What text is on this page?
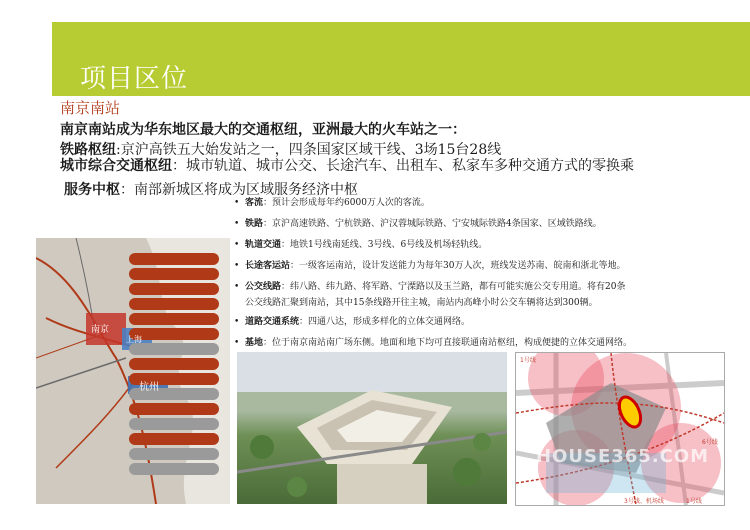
项目区位
南京南站
南京南站成为华东地区最大的交通枢纽，亚洲最大的火车站之一：
铁路枢纽:京沪高铁五大始发站之一，四条国家区域干线、3场15台28线
城市综合交通枢纽：城市轨道、城市公交、长途汽车、出租车、私家车多种交通方式的零换乘
服务中枢：南部新城区将成为区域服务经济中枢
• 客流：预计会形成每年约6000万人次的客流。
• 铁路：京沪高速铁路、宁杭铁路、沪汉蓉城际铁路、宁安城际铁路4条国家、区域铁路线。
• 轨道交通：地铁1号线南延线、3号线、6号线及机场轻轨线。
• 长途客运站：一级客运南站，设计发送能力为每年30万人次，班线发送苏南、皖南和浙北等地。
• 公交线路：纬八路、纬九路、将军路、宁溧路以及玉兰路，都有可能实施公交专用道。将有20条
公交线路汇聚到南站，其中15条线路开往主城，南站内高峰小时公交车辆将达到300辆。
• 道路交通系统：四通八达，形成多样化的立体交通网络。
• 基地：位于南京南站南广场东侧。地面和地下均可直接联通南站枢纽，构成便捷的立体交通网络。
南京
上海
杭州
1号线
6号线
3号线、机场线	1号线
HOUSE365.COM
